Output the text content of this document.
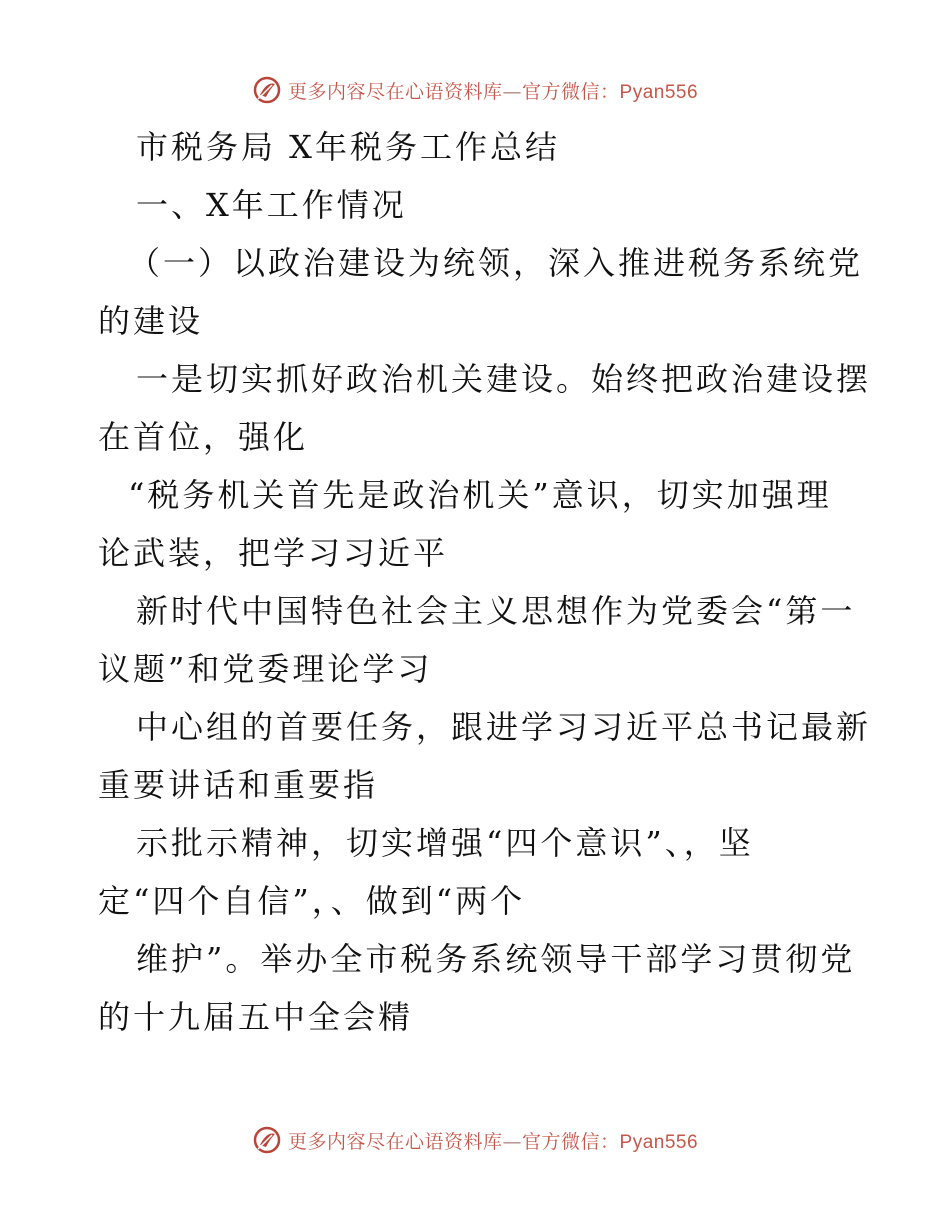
更多内容尽在心语资料库—官方微信：Pyan556
市税务局 X年税务工作总结
一、X年工作情况
（一）以政治建设为统领，深入推进税务系统党
的建设
一是切实抓好政治机关建设。始终把政治建设摆
在首位，强化
“税务机关首先是政治机关”意识，切实加强理
论武装，把学习习近平
新时代中国特色社会主义思想作为党委会“第一
议题”和党委理论学习
中心组的首要任务，跟进学习习近平总书记最新
重要讲话和重要指
示批示精神，切实增强“四个意识”、，坚
定“四个自信”，、做到“两个
维护”。举办全市税务系统领导干部学习贯彻党
的十九届五中全会精
更多内容尽在心语资料库—官方微信：Pyan556
